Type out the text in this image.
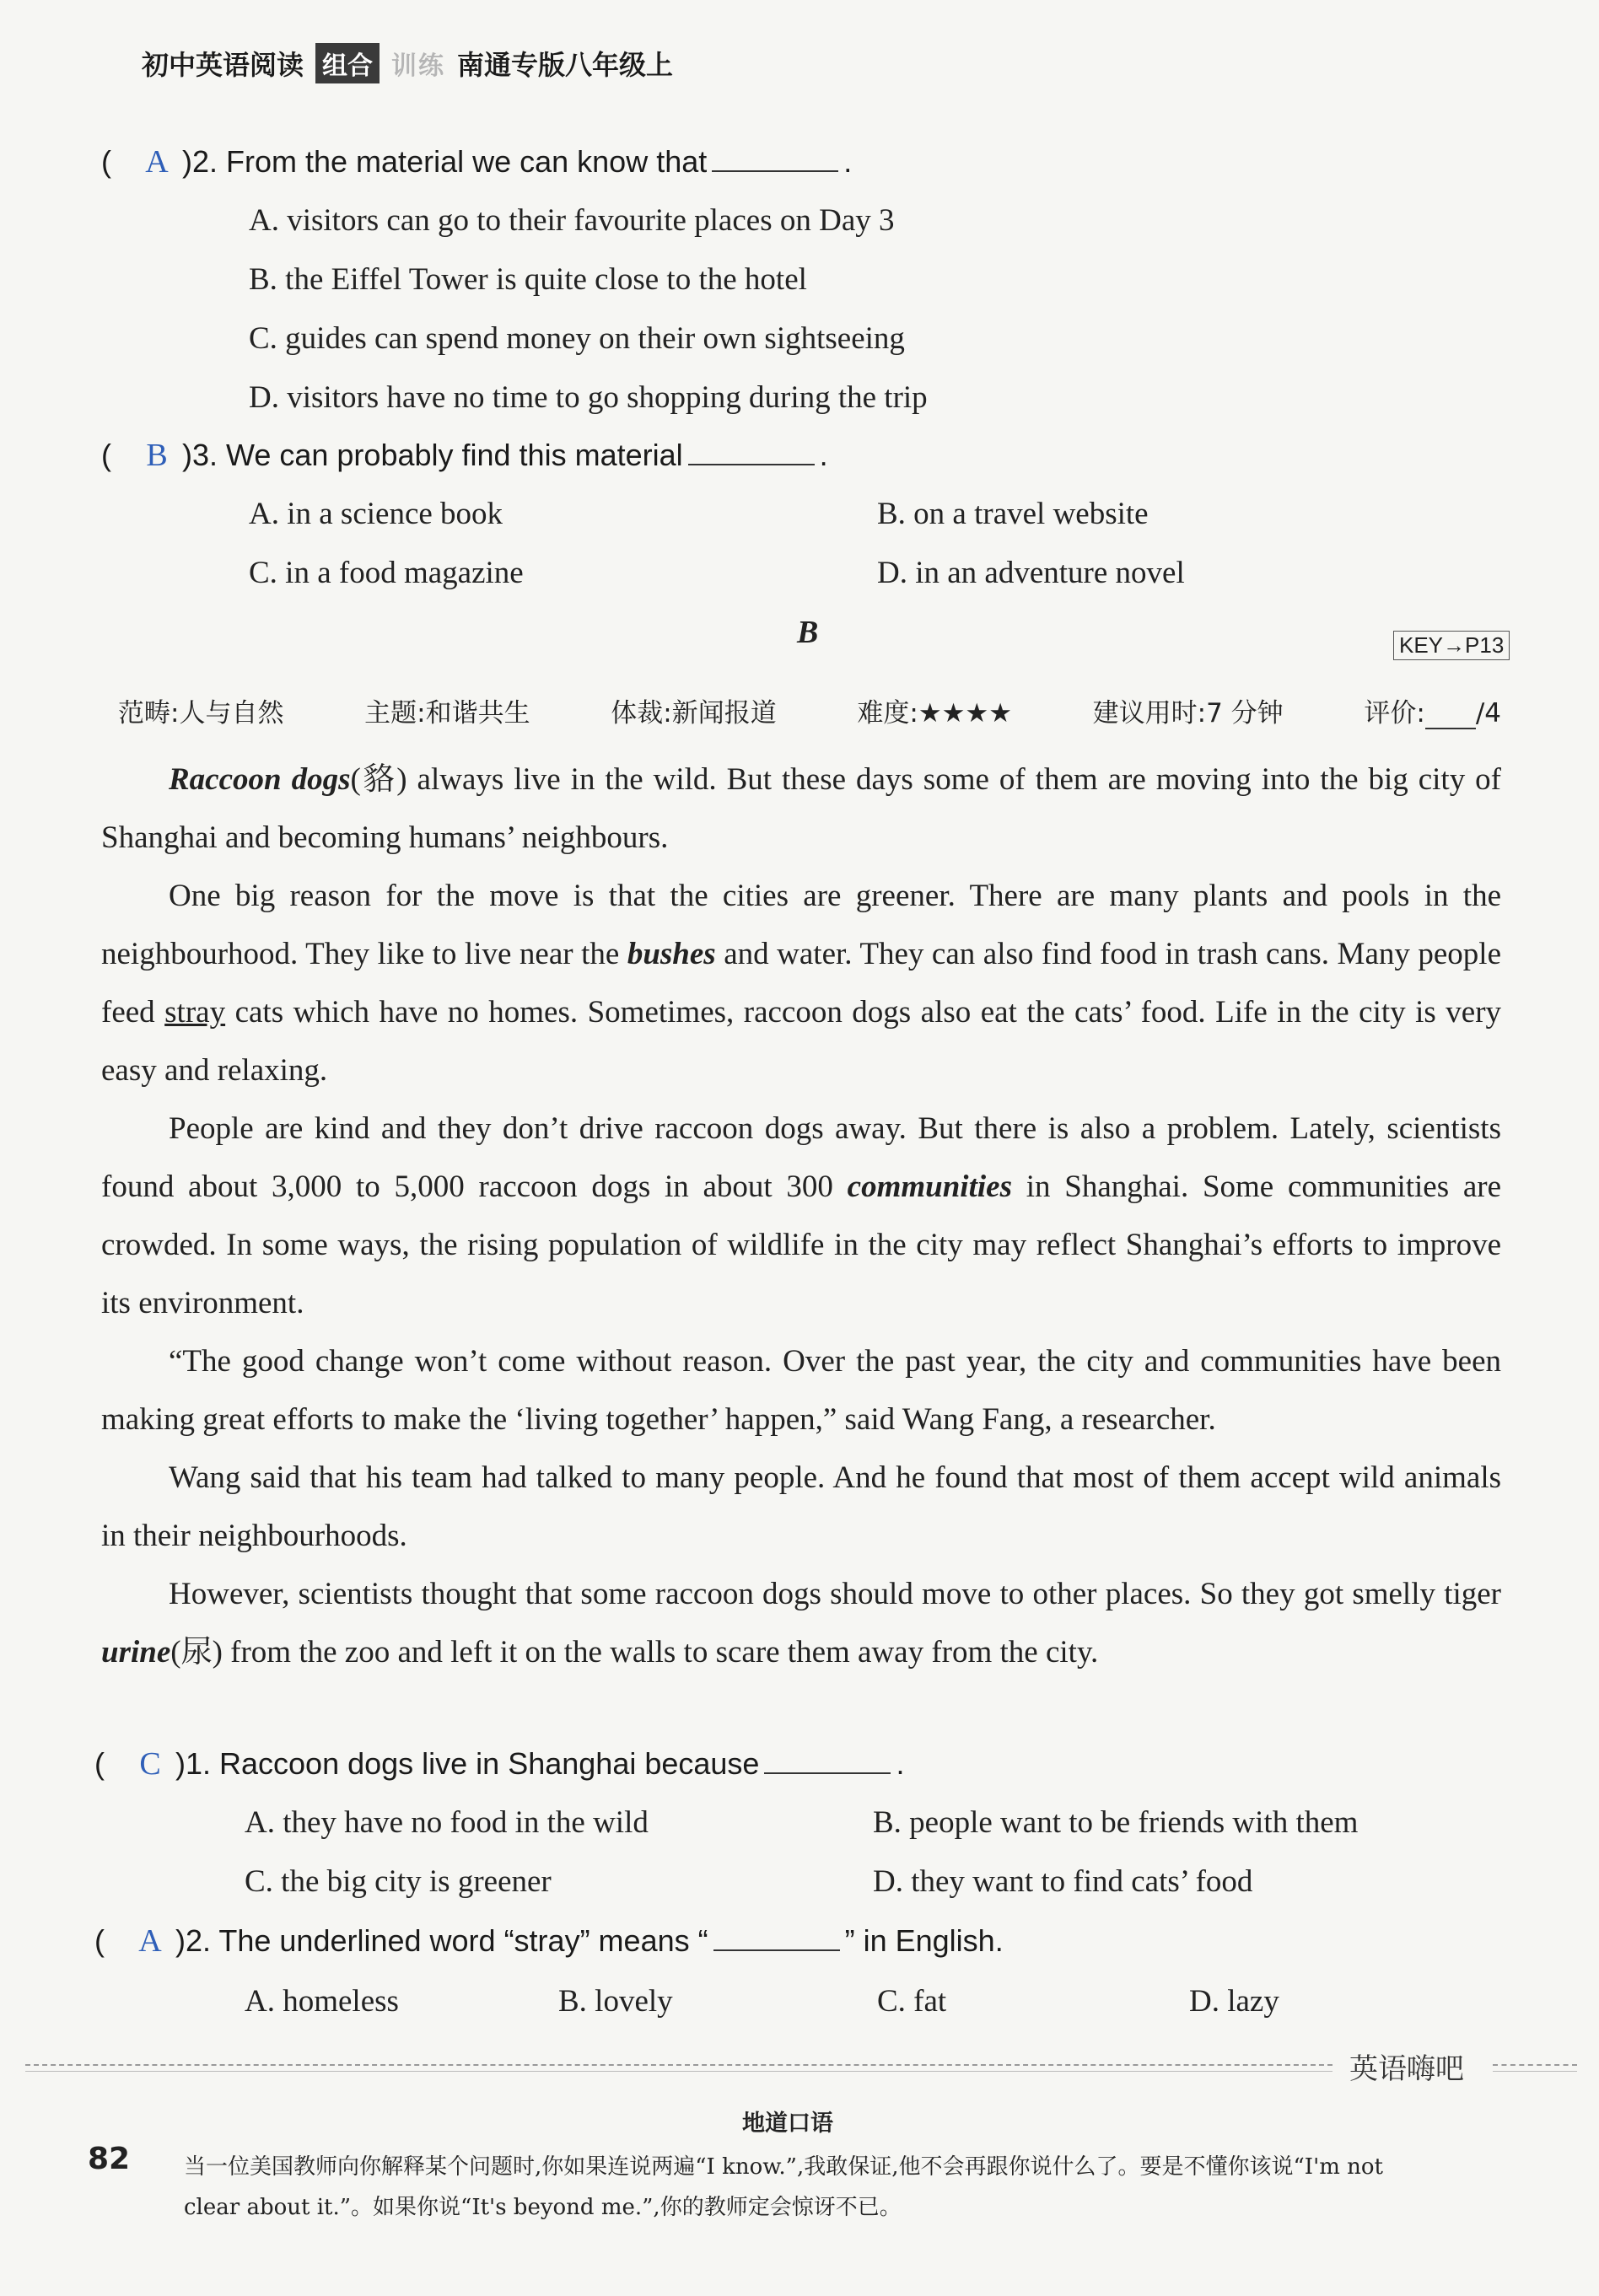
初中英语阅读 组合 训练 南通专版八年级上
(	A )2. From the material we can know that	.
A. visitors can go to their favourite places on Day 3
B. the Eiffel Tower is quite close to the hotel
C. guides can spend money on their own sightseeing
D. visitors have no time to go shopping during the trip
(	B )3. We can probably find this material	.
A. in a science book	B. on a travel website
C. in a food magazine	D. in an adventure novel
B	KEY→P13
范畴:人与自然	主题:和谐共生	体裁:新闻报道	难度:★★★★	建议用时:7 分钟	评价: /4

Raccoon dogs(貉) always live in the wild. But these days some of them are moving into the big city of Shanghai and becoming humans’ neighbours.

One big reason for the move is that the cities are greener. There are many plants and pools in the neighbourhood. They like to live near the bushes and water. They can also find food in trash cans. Many people feed stray cats which have no homes. Sometimes, raccoon dogs also eat the cats’ food. Life in the city is very easy and relaxing.

People are kind and they don’t drive raccoon dogs away. But there is also a problem. Lately, scientists found about 3,000 to 5,000 raccoon dogs in about 300 communities in Shanghai. Some communities are crowded. In some ways, the rising population of wildlife in the city may reflect Shanghai’s efforts to improve its environment.

“The good change won’t come without reason. Over the past year, the city and communities have been making great efforts to make the ‘living together’ happen,” said Wang Fang, a researcher.

Wang said that his team had talked to many people. And he found that most of them accept wild animals in their neighbourhoods.

However, scientists thought that some raccoon dogs should move to other places. So they got smelly tiger urine(尿) from the zoo and left it on the walls to scare them away from the city.

(	C )1. Raccoon dogs live in Shanghai because	.
A. they have no food in the wild	B. people want to be friends with them
C. the big city is greener	D. they want to find cats’ food
(	A )2. The underlined word “stray” means “	” in English.
A. homeless	B. lovely	C. fat	D. lazy
英语嗨吧
地道口语
82 当一位美国教师向你解释某个问题时,你如果连说两遍“I know.”,我敢保证,他不会再跟你说什么了。要是不懂你该说“I'm not clear about it.”。如果你说“It's beyond me.”,你的教师定会惊讶不已。
